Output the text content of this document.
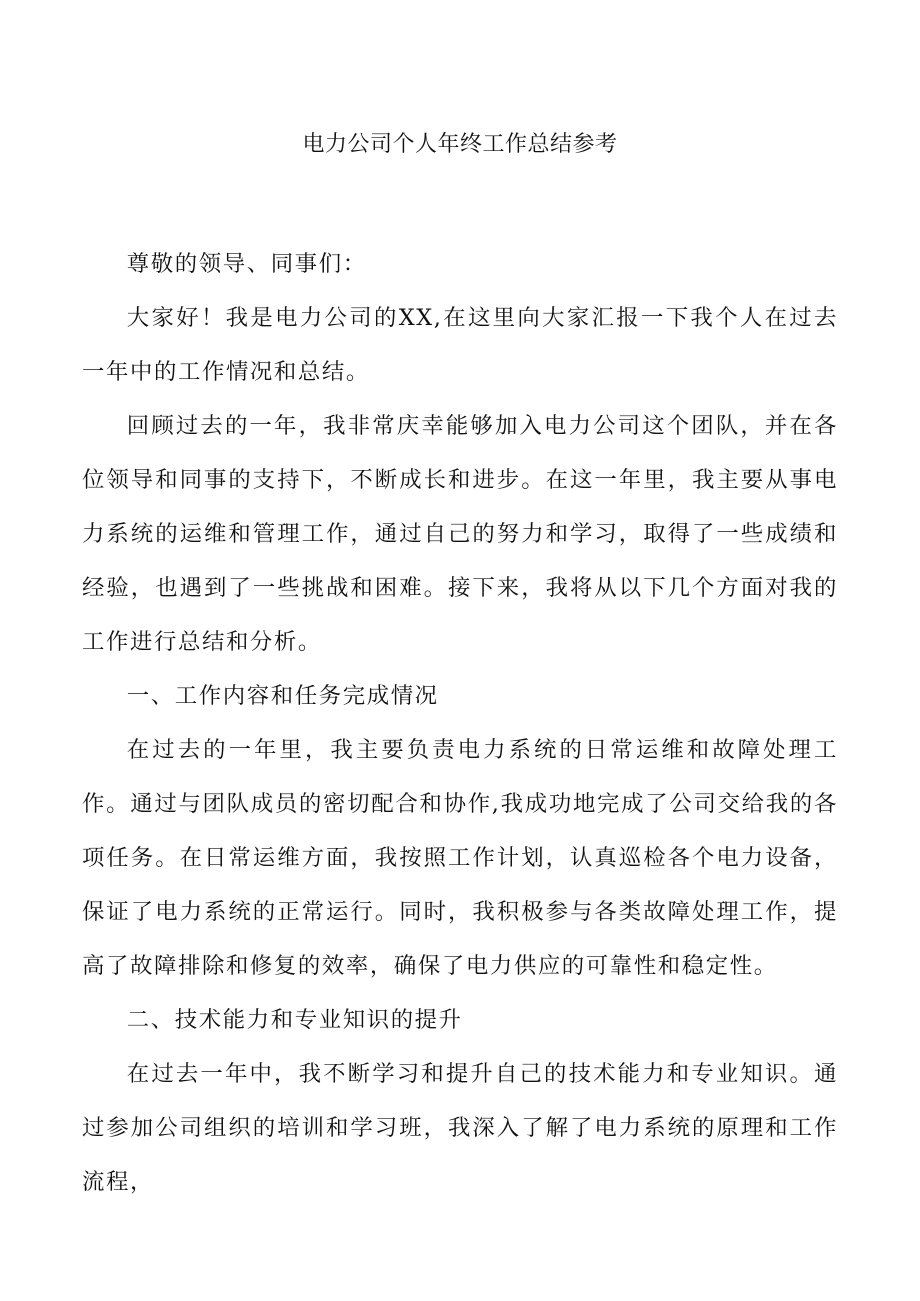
电力公司个人年终工作总结参考

尊敬的领导、同事们：

大家好！我是电力公司的XX,在这里向大家汇报一下我个人在过去一年中的工作情况和总结。

回顾过去的一年，我非常庆幸能够加入电力公司这个团队，并在各位领导和同事的支持下，不断成长和进步。在这一年里，我主要从事电力系统的运维和管理工作，通过自己的努力和学习，取得了一些成绩和经验，也遇到了一些挑战和困难。接下来，我将从以下几个方面对我的工作进行总结和分析。

一、工作内容和任务完成情况

在过去的一年里，我主要负责电力系统的日常运维和故障处理工作。通过与团队成员的密切配合和协作,我成功地完成了公司交给我的各项任务。在日常运维方面，我按照工作计划，认真巡检各个电力设备，保证了电力系统的正常运行。同时，我积极参与各类故障处理工作，提高了故障排除和修复的效率，确保了电力供应的可靠性和稳定性。

二、技术能力和专业知识的提升

在过去一年中，我不断学习和提升自己的技术能力和专业知识。通过参加公司组织的培训和学习班，我深入了解了电力系统的原理和工作流程，
